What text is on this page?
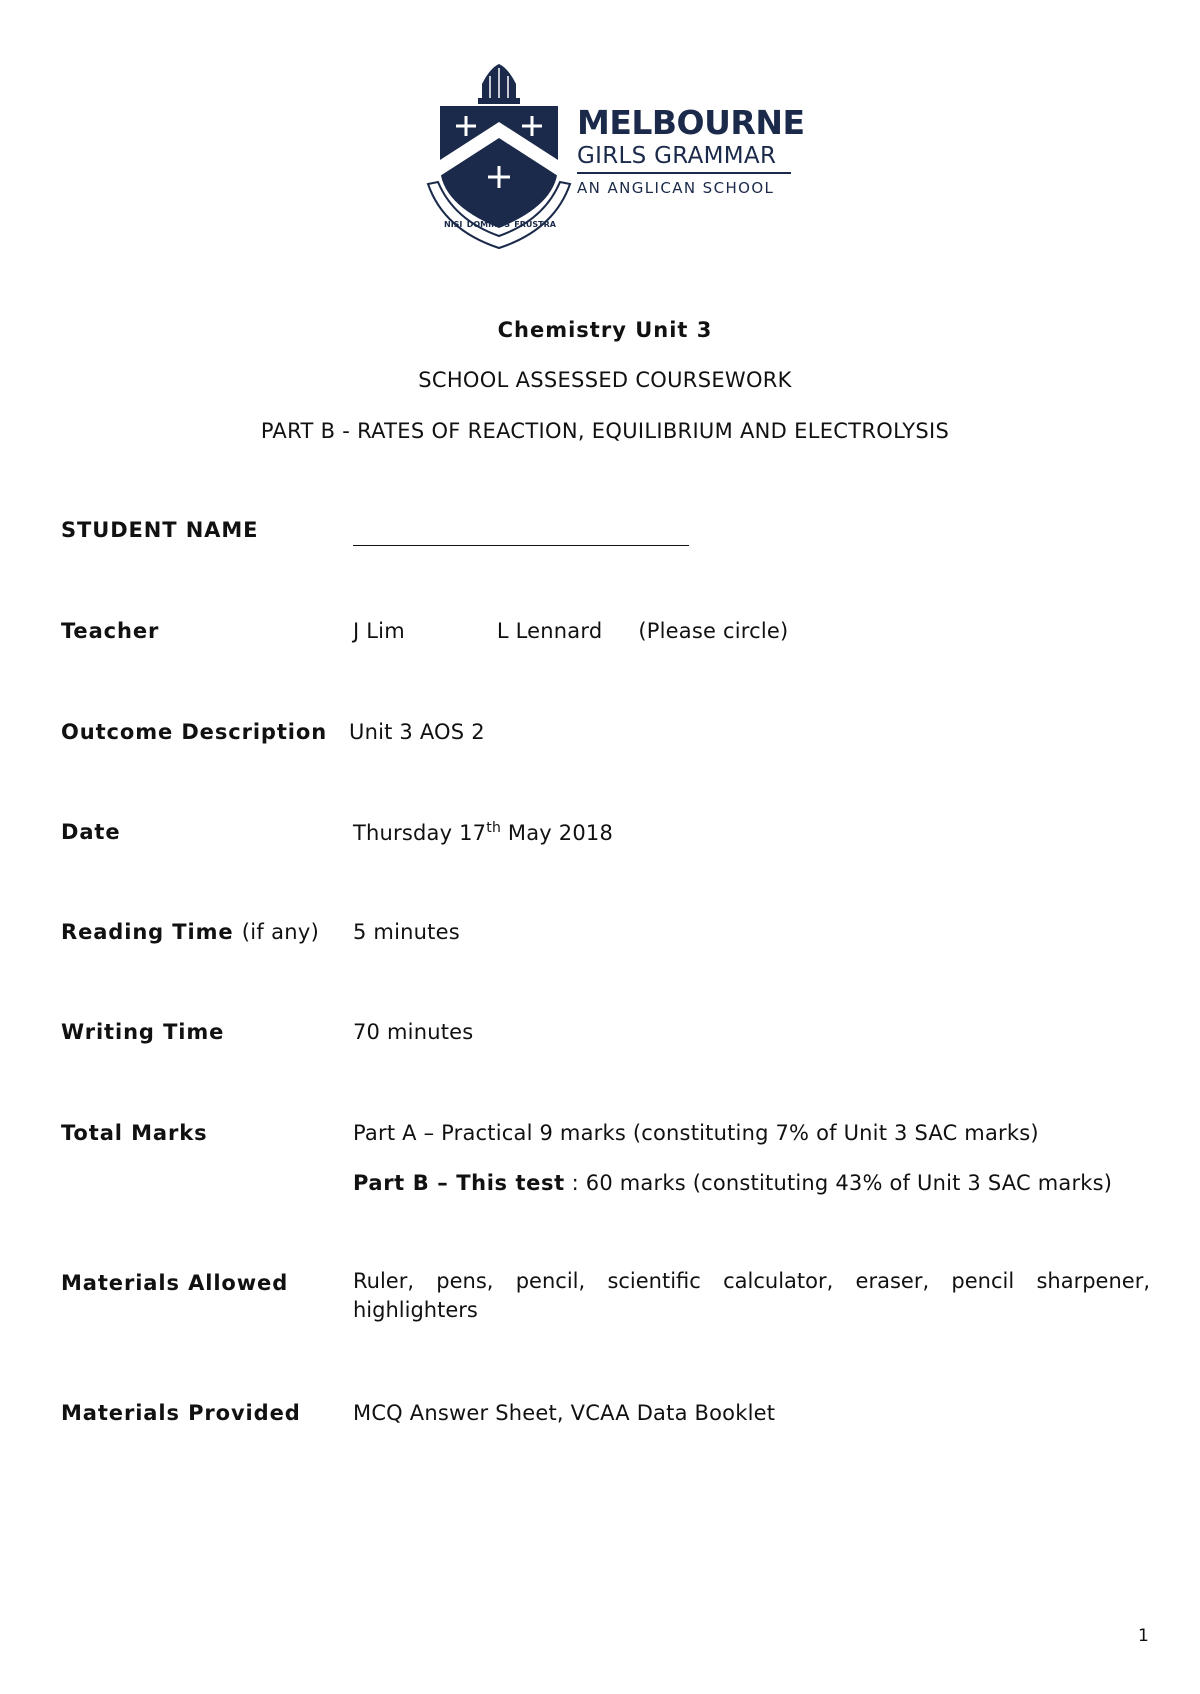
NISI DOMINUS FRUSTRA
MELBOURNE
GIRLS GRAMMAR
AN ANGLICAN SCHOOL
Chemistry Unit 3
SCHOOL ASSESSED COURSEWORK
PART B - RATES OF REACTION, EQUILIBRIUM AND ELECTROLYSIS
STUDENT NAME
Teacher	J Lim	L Lennard (Please circle)
Outcome Description Unit 3 AOS 2
Date	Thursday 17th May 2018
Reading Time (if any) 5 minutes
Writing Time	70 minutes
Total Marks	Part A – Practical 9 marks (constituting 7% of Unit 3 SAC marks)
Part B – This test : 60 marks (constituting 43% of Unit 3 SAC marks)
Materials Allowed	Ruler, pens, pencil, scientific calculator, eraser, pencil sharpener, highlighters
Materials Provided MCQ Answer Sheet, VCAA Data Booklet
1
